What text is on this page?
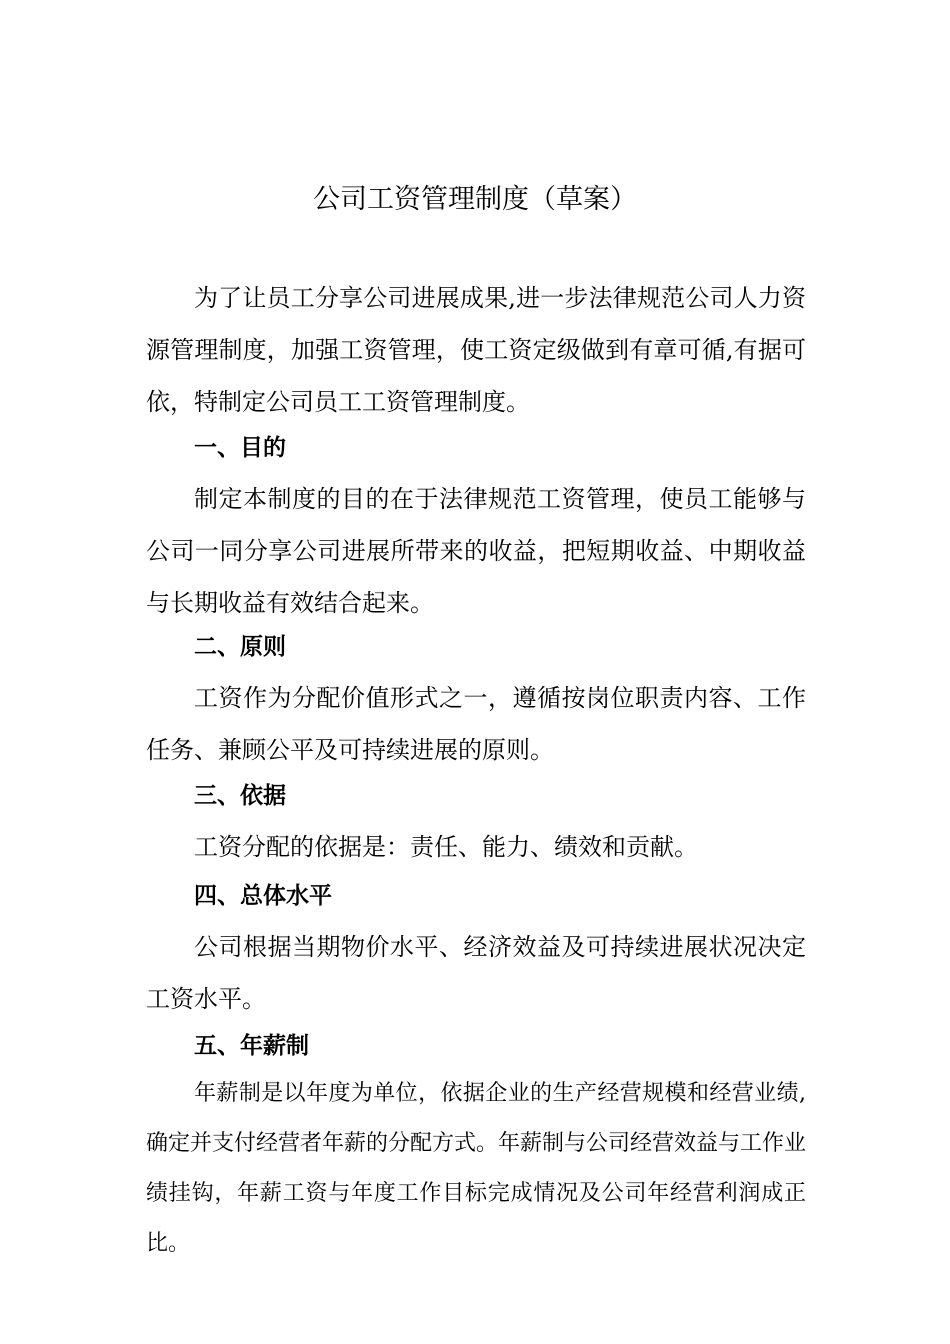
公司工资管理制度（草案）

为了让员工分享公司进展成果,进一步法律规范公司人力资源管理制度，加强工资管理，使工资定级做到有章可循,有据可依，特制定公司员工工资管理制度。

一、目的

制定本制度的目的在于法律规范工资管理，使员工能够与公司一同分享公司进展所带来的收益，把短期收益、中期收益与长期收益有效结合起来。

二、原则

工资作为分配价值形式之一，遵循按岗位职责内容、工作任务、兼顾公平及可持续进展的原则。

三、依据

工资分配的依据是：责任、能力、绩效和贡献。

四、总体水平

公司根据当期物价水平、经济效益及可持续进展状况决定工资水平。

五、年薪制

年薪制是以年度为单位，依据企业的生产经营规模和经营业绩,确定并支付经营者年薪的分配方式。年薪制与公司经营效益与工作业绩挂钩，年薪工资与年度工作目标完成情况及公司年经营利润成正比。
